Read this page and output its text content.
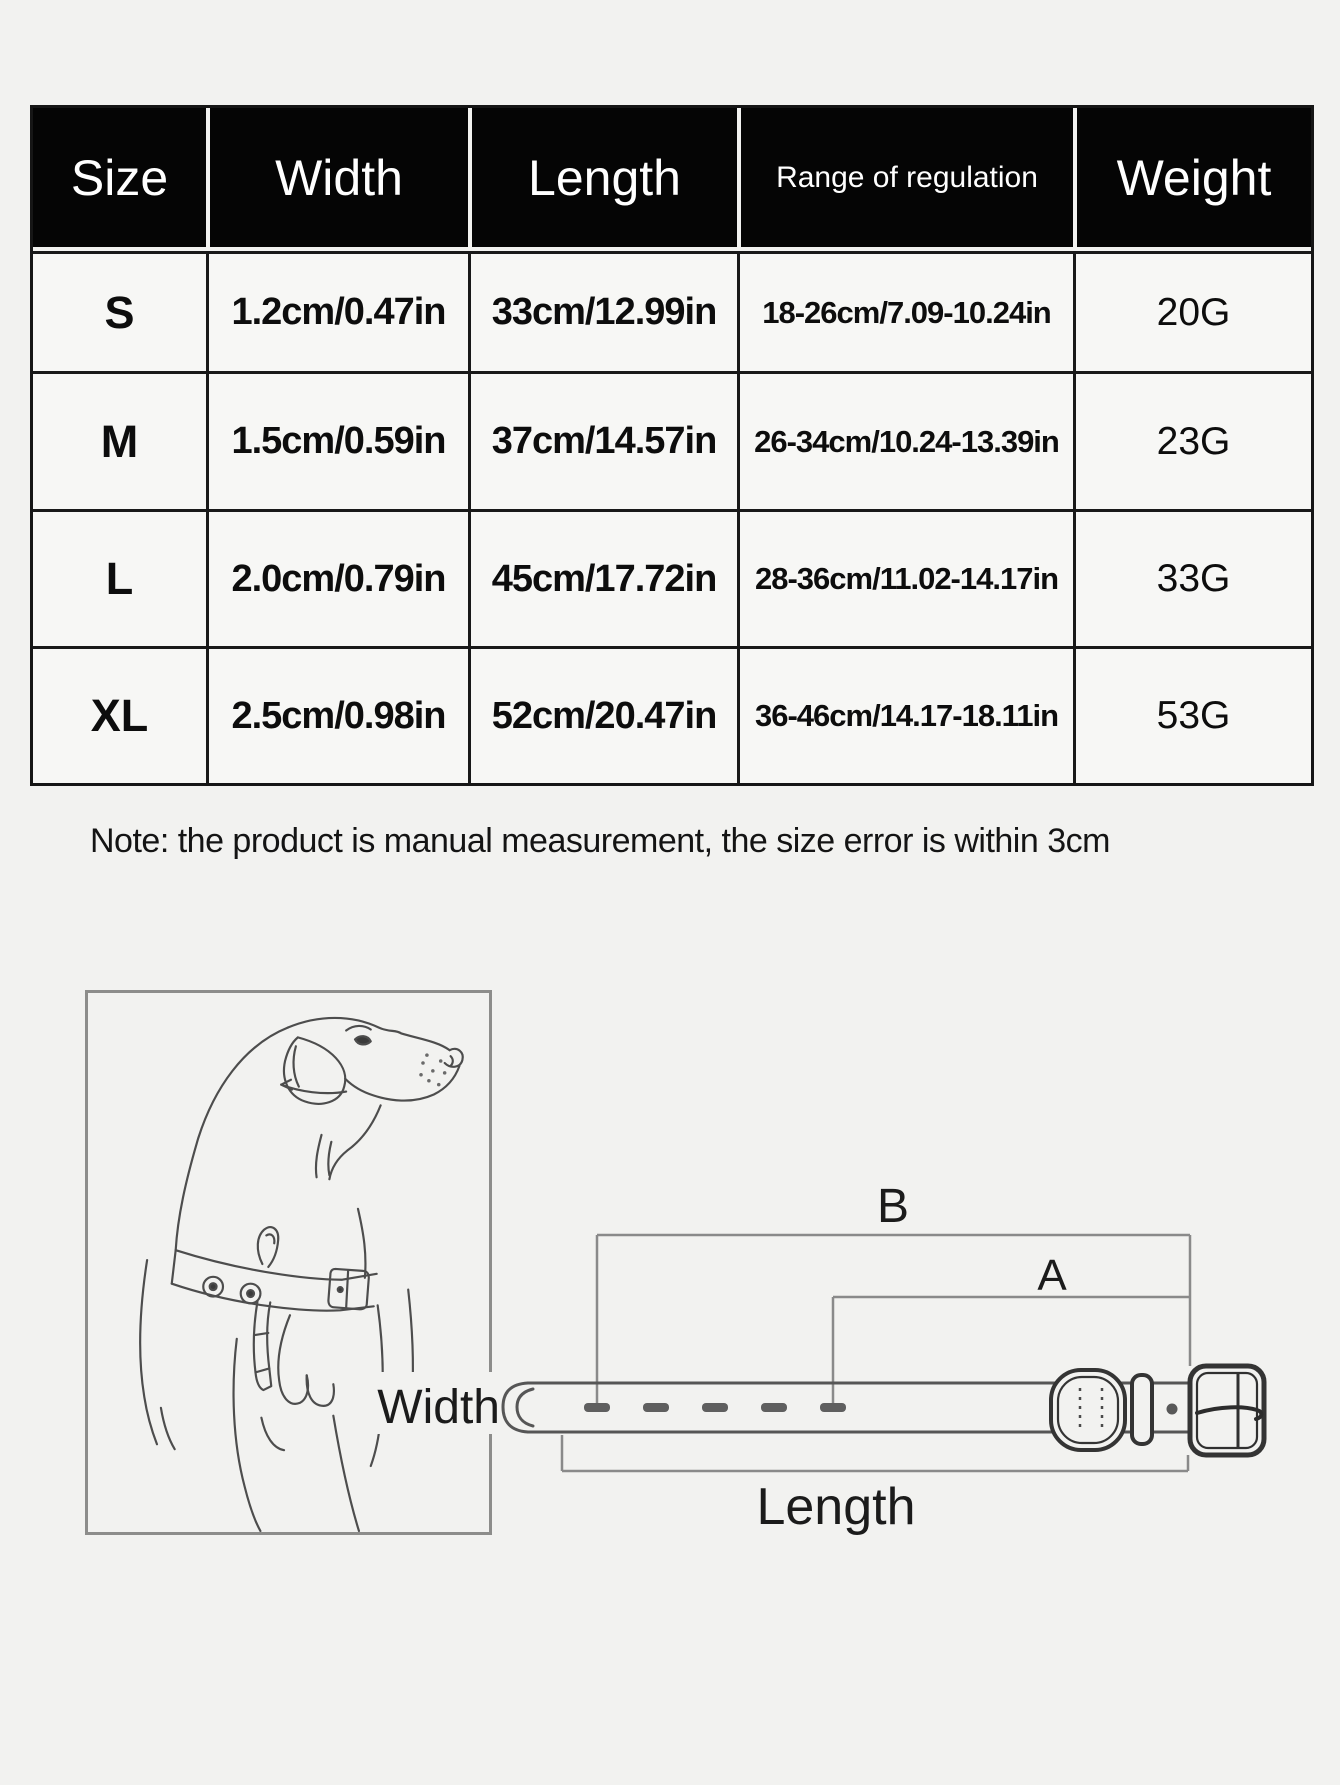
Size	Width	Length	Range of regulation	Weight
S	1.2cm/0.47in	33cm/12.99in	18-26cm/7.09-10.24in	20G
M	1.5cm/0.59in	37cm/14.57in	26-34cm/10.24-13.39in	23G
L	2.0cm/0.79in	45cm/17.72in	28-36cm/11.02-14.17in	33G
XL	2.5cm/0.98in	52cm/20.47in	36-46cm/14.17-18.11in	53G
Note: the product is manual measurement, the size error is within 3cm
B
A
Width
Length
